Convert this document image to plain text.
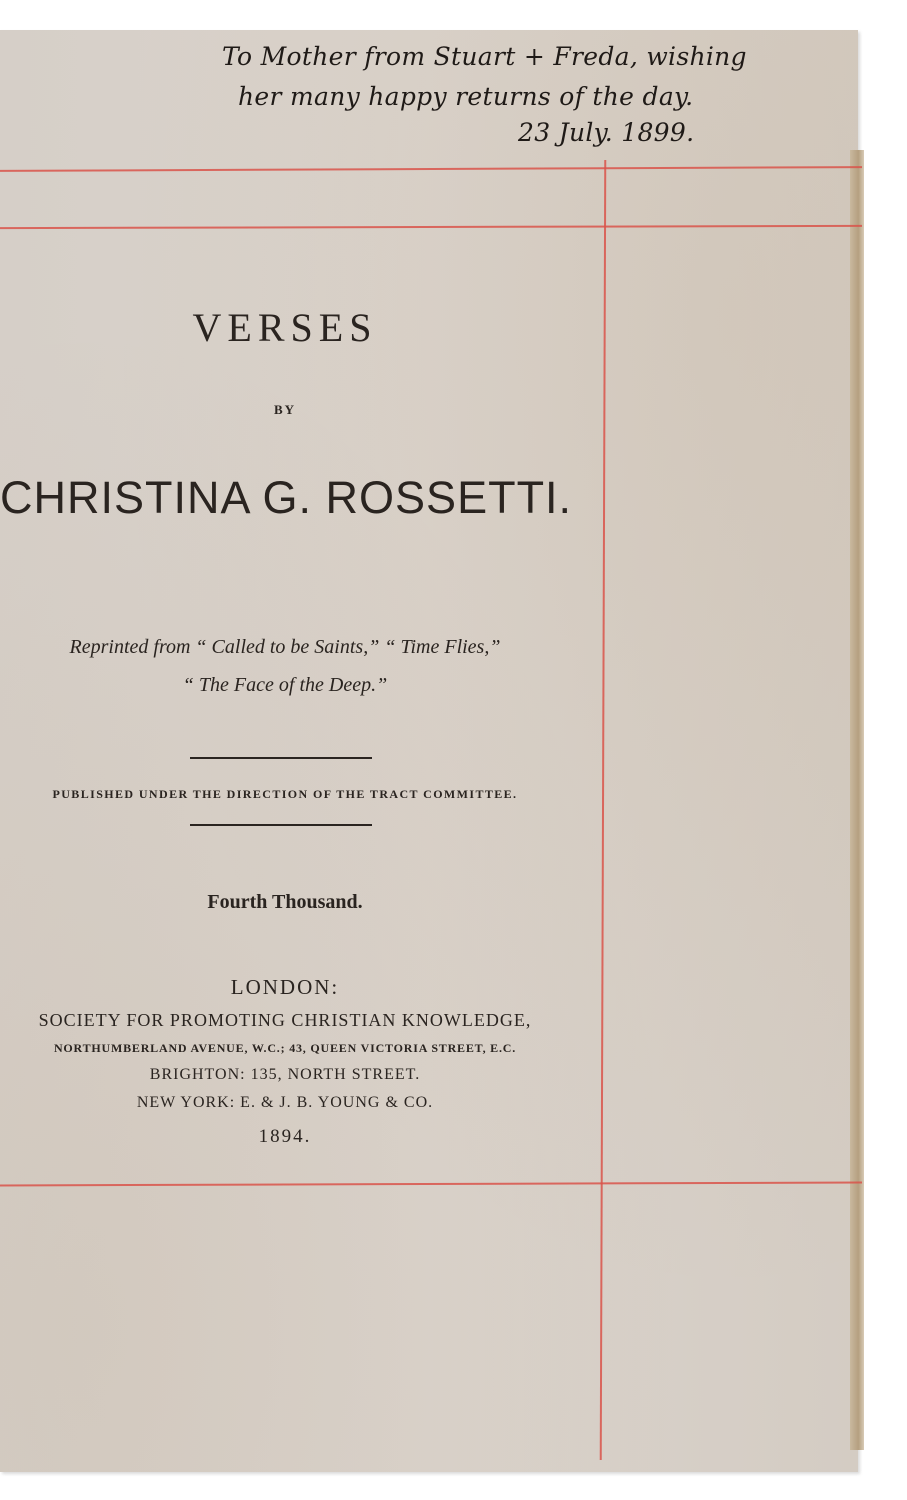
To Mother from Stuart + Freda, wishing
her many happy returns of the day.
23 July. 1899.
VERSES
BY
CHRISTINA G. ROSSETTI.
Reprinted from “ Called to be Saints,” “ Time Flies,”
“ The Face of the Deep.”
PUBLISHED UNDER THE DIRECTION OF THE TRACT COMMITTEE.
Fourth Thousand.
LONDON:
SOCIETY FOR PROMOTING CHRISTIAN KNOWLEDGE,
NORTHUMBERLAND AVENUE, W.C.; 43, QUEEN VICTORIA STREET, E.C.
BRIGHTON: 135, NORTH STREET.
NEW YORK: E. & J. B. YOUNG & CO.
1894.
